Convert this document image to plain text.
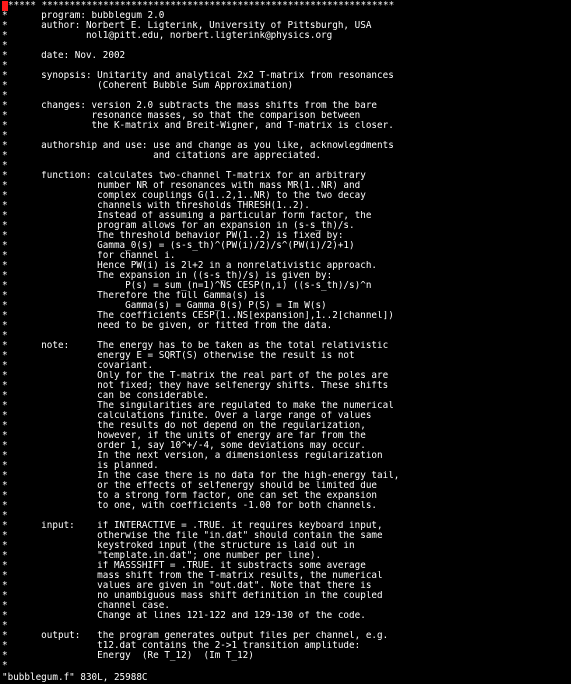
****** ***************************************************************
*      program: bubblegum 2.0
*      author: Norbert E. Ligterink, University of Pittsburgh, USA
*              nol1@pitt.edu, norbert.ligterink@physics.org
*
*      date: Nov. 2002
*
*      synopsis: Unitarity and analytical 2x2 T-matrix from resonances
*                (Coherent Bubble Sum Approximation)
*
*      changes: version 2.0 subtracts the mass shifts from the bare
*               resonance masses, so that the comparison between
*               the K-matrix and Breit-Wigner, and T-matrix is closer.
*
*      authorship and use: use and change as you like, acknowlegdments
*                          and citations are appreciated.
*
*      function: calculates two-channel T-matrix for an arbitrary
*                number NR of resonances with mass MR(1..NR) and
*                complex couplings G(1..2,1..NR) to the two decay
*                channels with thresholds THRESH(1..2).
*                Instead of assuming a particular form factor, the
*                program allows for an expansion in (s-s_th)/s.
*                The threshold behavior PW(1..2) is fixed by:
*                Gamma_0(s) = (s-s_th)^(PW(i)/2)/s^(PW(i)/2)+1)
*                for channel i.
*                Hence PW(i) is 2l+2 in a nonrelativistic approach.
*                The expansion in ((s-s_th)/s) is given by:
*                     P(s) = sum_(n=1)^NS CESP(n,i) ((s-s_th)/s)^n
*                Therefore the full Gamma(s) is
*                     Gamma(s) = Gamma_0(s) P(S) = Im W(s)
*                The coefficients CESP(1..NS[expansion],1..2[channel])
*                need to be given, or fitted from the data.
*
*      note:     The energy has to be taken as the total relativistic
*                energy E = SQRT(S) otherwise the result is not
*                covariant.
*                Only for the T-matrix the real part of the poles are
*                not fixed; they have selfenergy shifts. These shifts
*                can be considerable.
*                The singularities are regulated to make the numerical
*                calculations finite. Over a large range of values
*                the results do not depend on the regularization,
*                however, if the units of energy are far from the
*                order 1, say 10^+/-4, some deviations may occur.
*                In the next version, a dimensionless regularization
*                is planned.
*                In the case there is no data for the high-energy tail,
*                or the effects of selfenergy should be limited due
*                to a strong form factor, one can set the expansion
*                to one, with coefficients -1.00 for both channels.
*
*      input:    if INTERACTIVE = .TRUE. it requires keyboard input,
*                otherwise the file "in.dat" should contain the same
*                keystroked input (the structure is laid out in
*                "template.in.dat"; one number per line).
*                if MASSSHIFT = .TRUE. it substracts some average
*                mass shift from the T-matrix results, the numerical
*                values are given in "out.dat". Note that there is
*                no unambiguous mass shift definition in the coupled
*                channel case.
*                Change at lines 121-122 and 129-130 of the code.
*
*      output:   the program generates output files per channel, e.g.
*                t12.dat contains the 2->1 transition amplitude:
*                Energy  (Re T_12)  (Im T_12)
*
"bubblegum.f" 830L, 25988C
